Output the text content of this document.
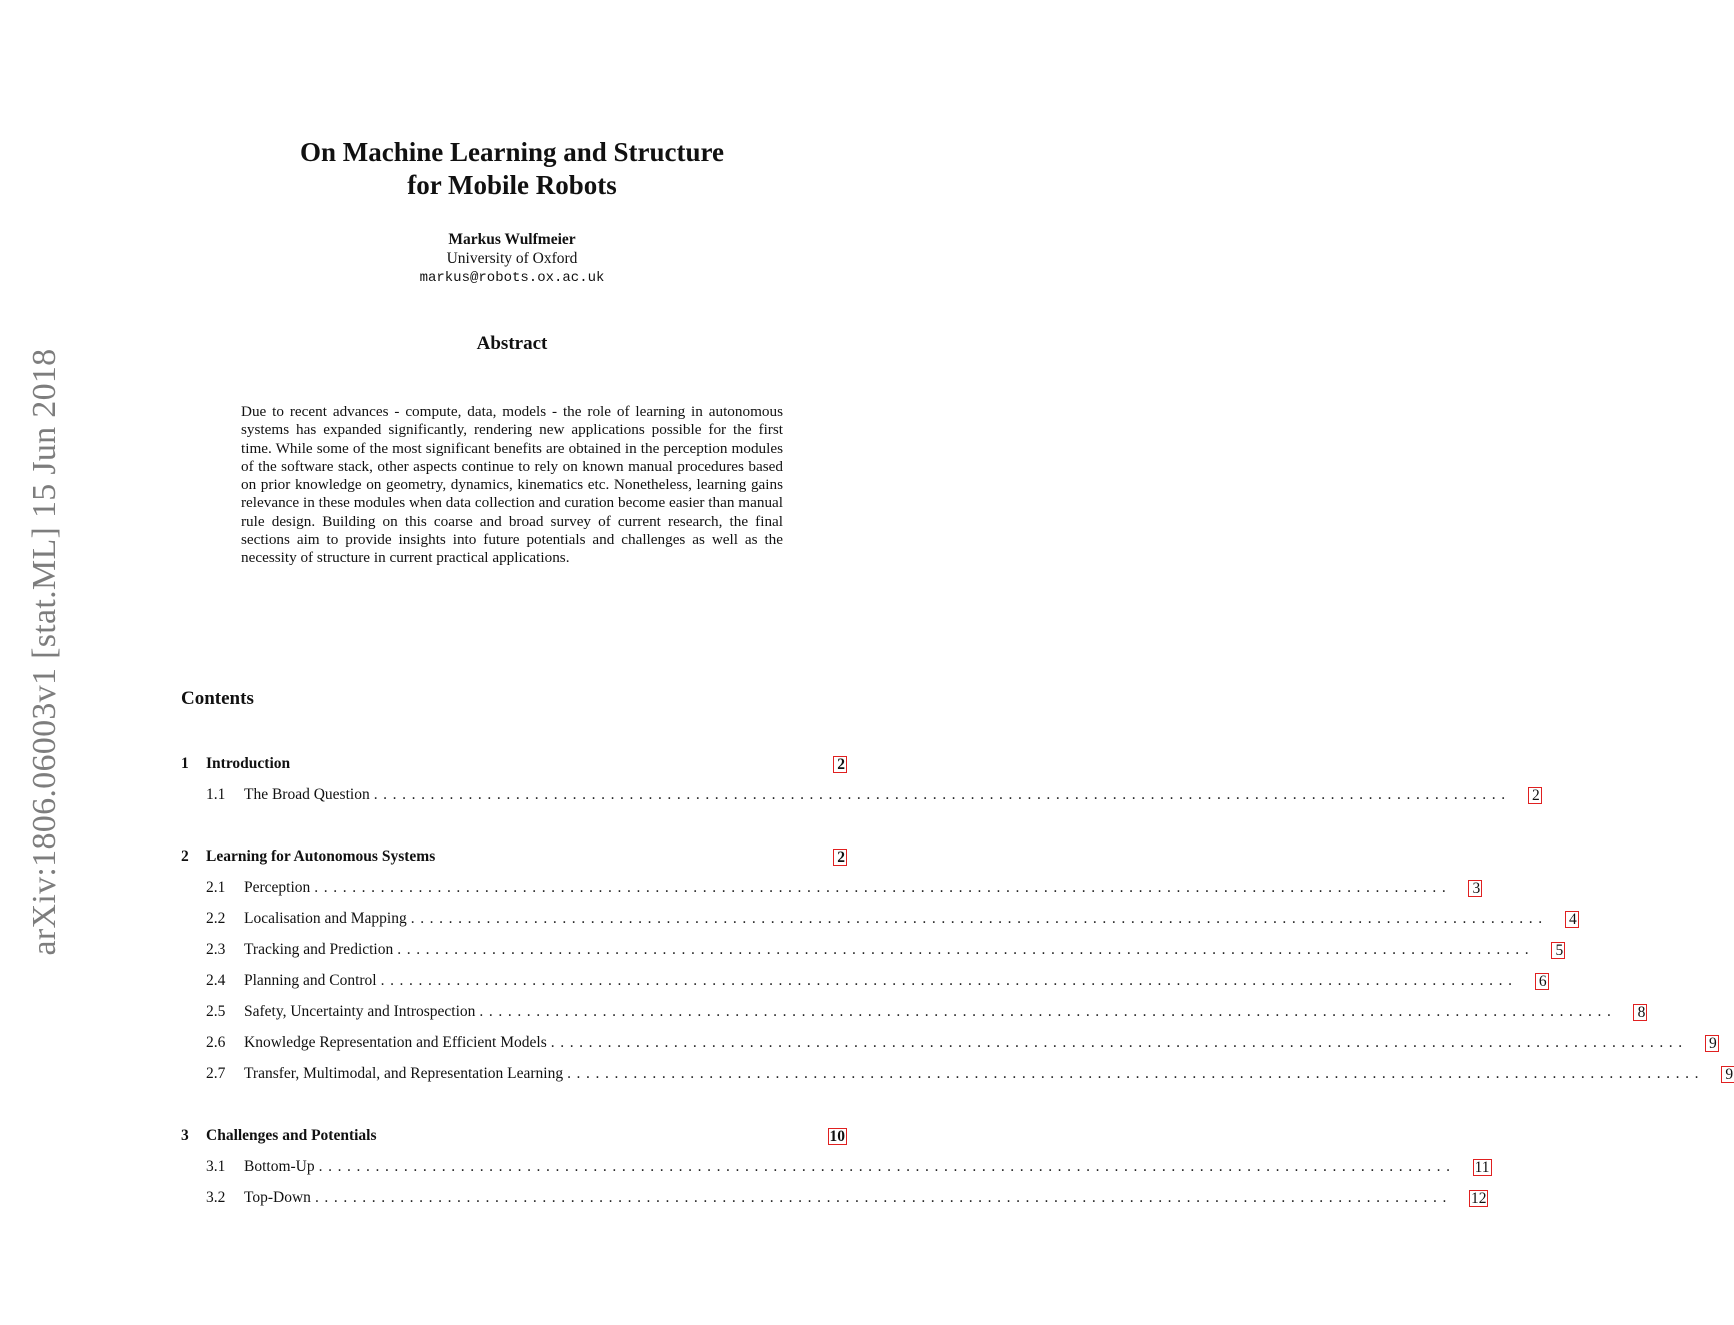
arXiv:1806.06003v1 [stat.ML] 15 Jun 2018
On Machine Learning and Structure
for Mobile Robots
Markus Wulfmeier
University of Oxford
markus@robots.ox.ac.uk
Abstract
Due to recent advances - compute, data, models - the role of learning in autonomous systems has expanded significantly, rendering new applications possible for the first time. While some of the most significant benefits are obtained in the perception modules of the software stack, other aspects continue to rely on known manual procedures based on prior knowledge on geometry, dynamics, kinematics etc. Nonetheless, learning gains relevance in these modules when data collection and curation become easier than manual rule design. Building on this coarse and broad survey of current research, the final sections aim to provide insights into future potentials and challenges as well as the necessity of structure in current practical applications.
Contents
1	Introduction	2
1.1	The Broad Question ........................................................................................................................ 2
2	Learning for Autonomous Systems	2
2.1	Perception ........................................................................................................................ 3
2.2	Localisation and Mapping ........................................................................................................................ 4
2.3	Tracking and Prediction ........................................................................................................................ 5
2.4	Planning and Control ........................................................................................................................ 6
2.5	Safety, Uncertainty and Introspection ........................................................................................................................ 8
2.6	Knowledge Representation and Efficient Models ........................................................................................................................ 9
2.7	Transfer, Multimodal, and Representation Learning ........................................................................................................................ 9
3	Challenges and Potentials	10
3.1	Bottom-Up ........................................................................................................................ 11
3.2	Top-Down ........................................................................................................................ 12
